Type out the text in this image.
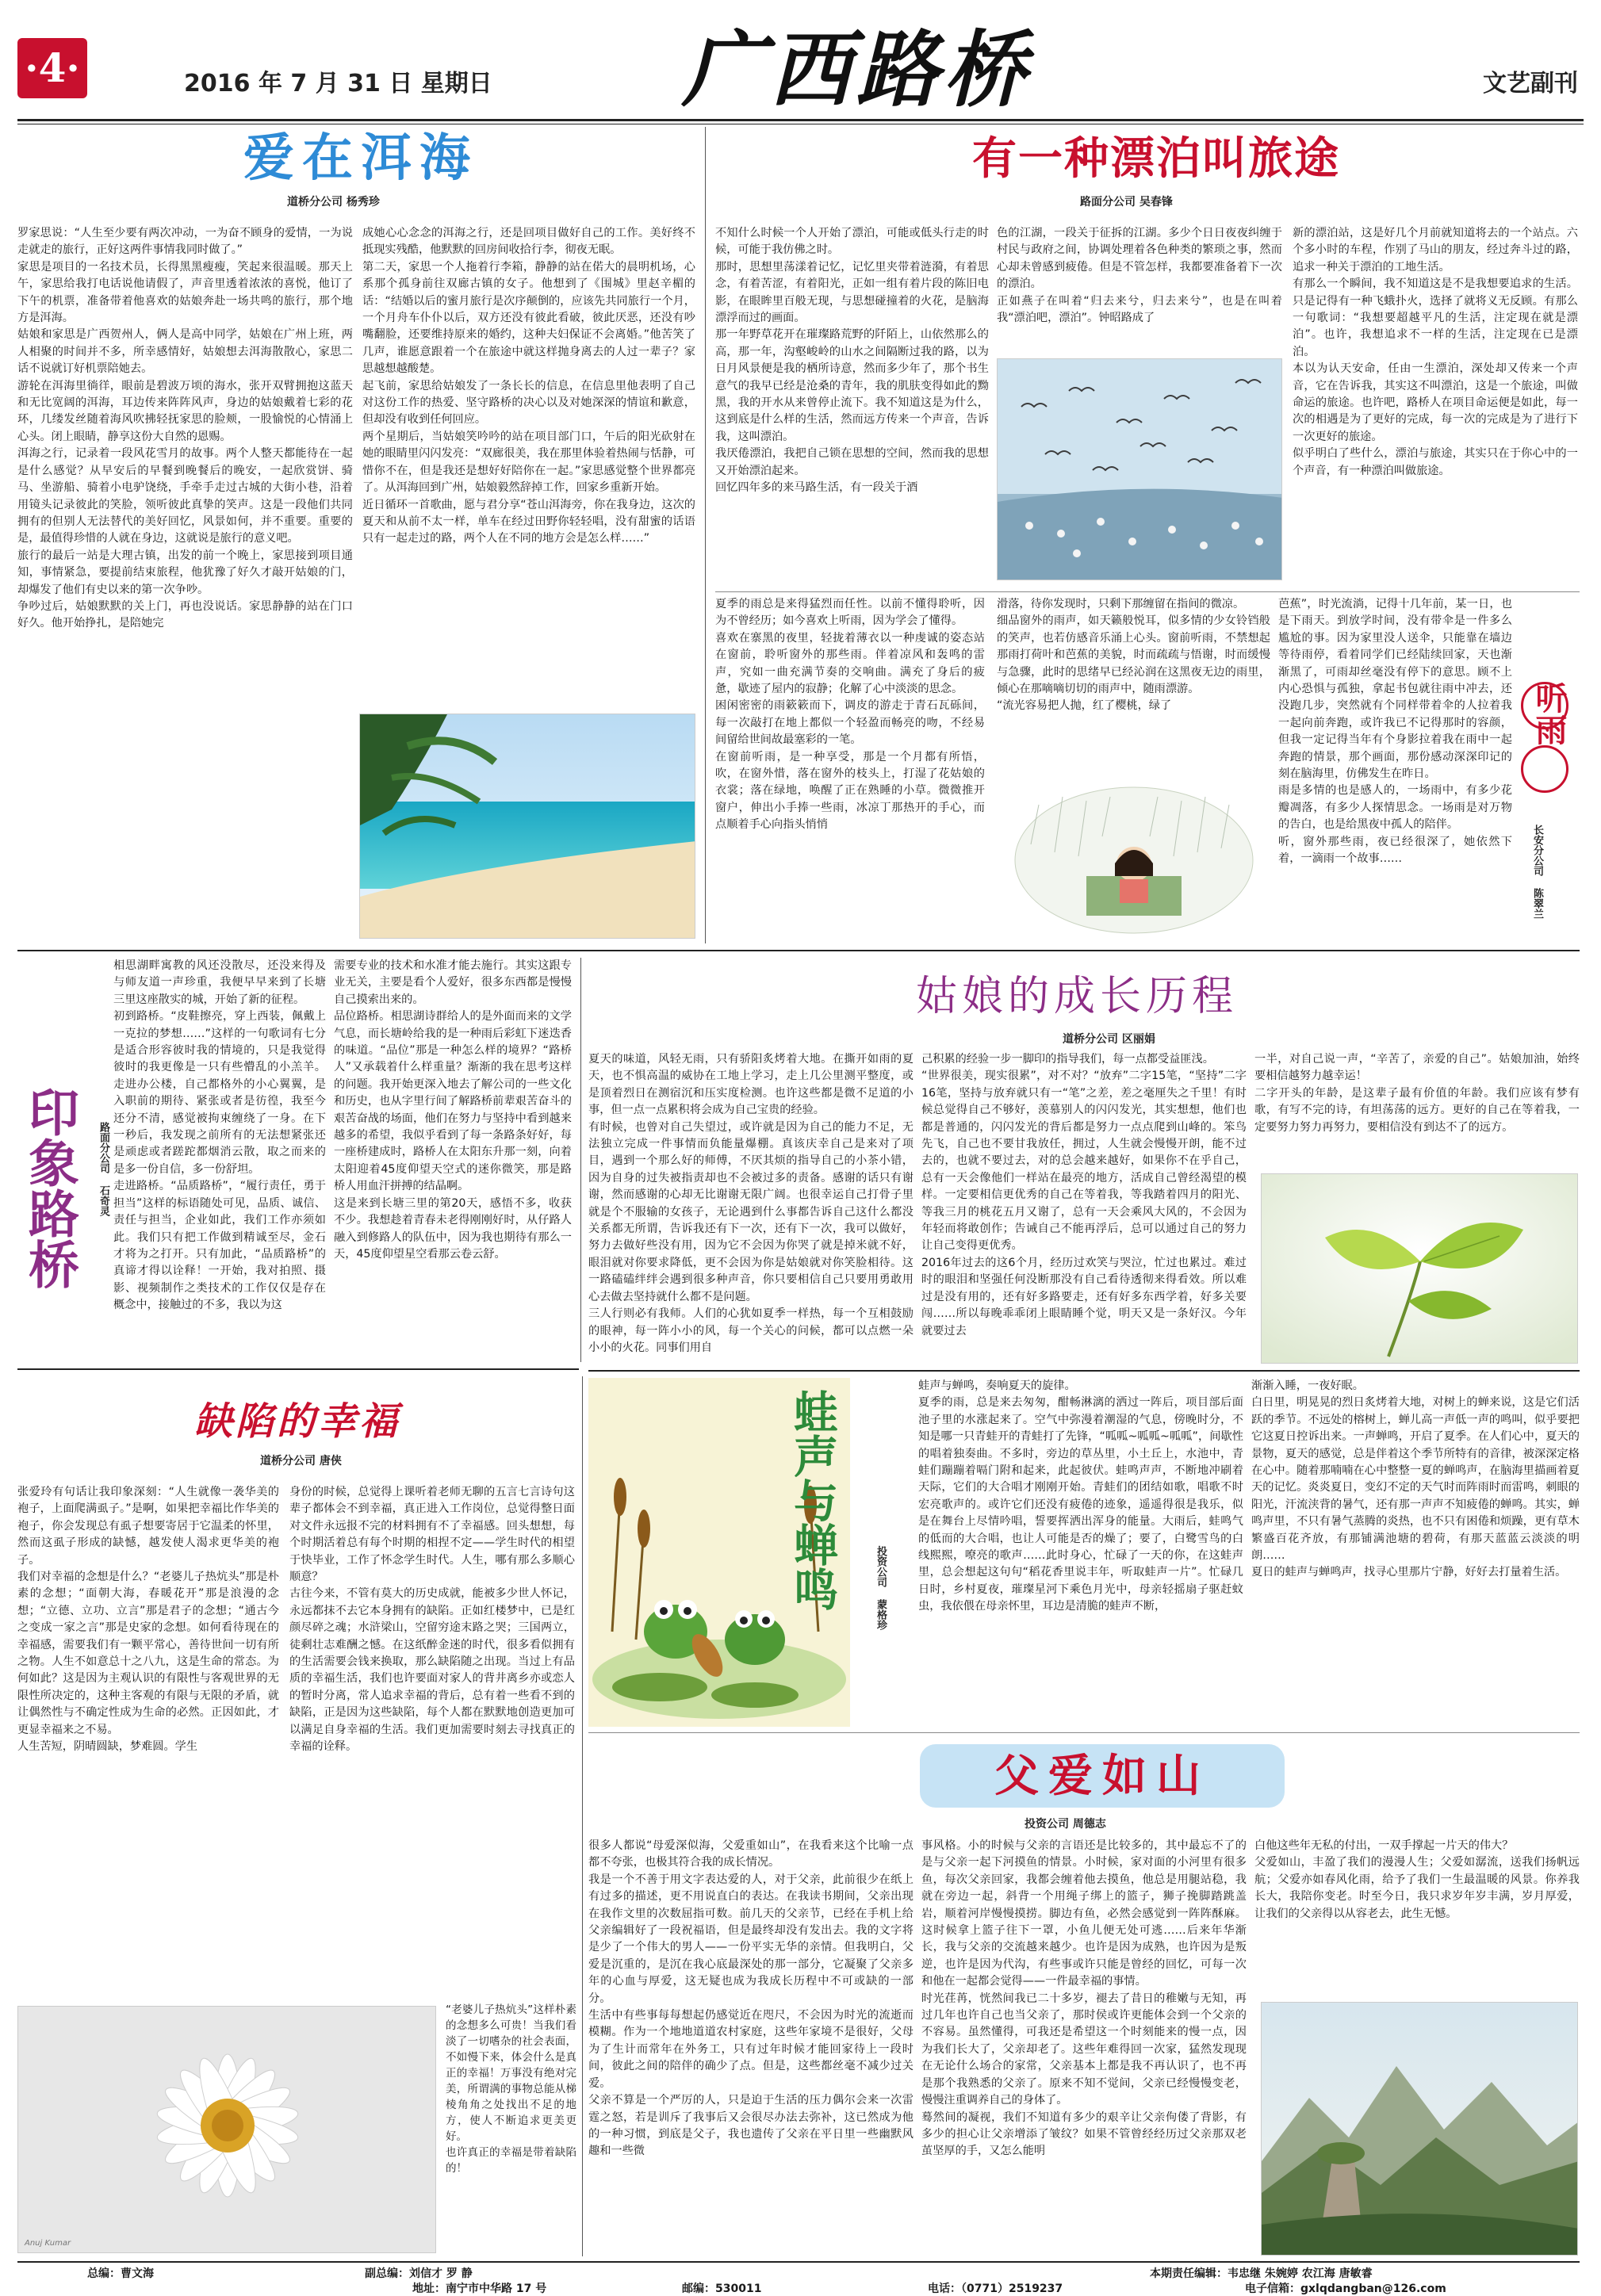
·4·	2016 年 7 月 31 日 星期日 广西路桥	文艺副刊
爱在洱海
道桥分公司 杨秀珍
罗家思说：“人生至少要有两次冲动，一为奋不顾身的爱情，一为说走就走的旅行，正好这两件事情我同时做了。”
家思是项目的一名技术员，长得黑黑瘦瘦，笑起来很温暖。那天上午，家思给我打电话说他请假了，声音里透着浓浓的喜悦，他订了下午的机票，准备带着他喜欢的姑娘奔赴一场共鸣的旅行，那个地方是洱海。
姑娘和家思是广西贺州人，俩人是高中同学，姑娘在广州上班，两人相聚的时间并不多，所幸感情好，姑娘想去洱海散散心，家思二话不说就订好机票陪她去。
游轮在洱海里徜徉，眼前是碧波万顷的海水，张开双臂拥抱这蓝天和无比宽阔的洱海，耳边传来阵阵风声，身边的姑娘戴着七彩的花环，几缕发丝随着海风吹拂轻抚家思的脸颊，一股愉悦的心情涌上心头。闭上眼睛，静享这份大自然的恩赐。
洱海之行，记录着一段风花雪月的故事。两个人整天都能待在一起是什么感觉？从早安后的早餐到晚餐后的晚安，一起欣赏饼、骑马、坐游船、骑着小电驴饶绕，手牵手走过古城的大街小巷，沿着用镜头记录彼此的笑脸，领听彼此真挚的笑声。这是一段他们共同拥有的但别人无法替代的美好回忆，风景如何，并不重要。重要的是，最值得珍惜的人就在身边，这就说是旅行的意义吧。
旅行的最后一站是大理古镇，出发的前一个晚上，家思接到项目通知，事情紧急，要提前结束旅程，他犹豫了好久才敲开姑娘的门，却爆发了他们有史以来的第一次争吵。
争吵过后，姑娘默默的关上门，再也没说话。家思静静的站在门口好久。他开始挣扎，是陪她完
成她心心念念的洱海之行，还是回项目做好自己的工作。美好终不抵现实残酷，他默默的回房间收拾行李，彻夜无眠。
第二天，家思一个人拖着行李箱，静静的站在偌大的晨明机场，心系那个孤身前往双廊古镇的女子。他想到了《围城》里赵辛楣的话：“结婚以后的蜜月旅行是次序颠倒的，应该先共同旅行一个月，一个月舟车仆仆以后，双方还没有彼此看破，彼此厌恶，还没有吵嘴翻脸，还要维持原来的婚约，这种夫妇保证不会离婚。”他苦笑了几声，谁愿意跟着一个在旅途中就这样抛身离去的人过一辈子？家思越想越酸楚。
起飞前，家思给姑娘发了一条长长的信息，在信息里他表明了自己对这份工作的热爱、坚守路桥的决心以及对她深深的情谊和歉意，但却没有收到任何回应。
两个星期后，当姑娘笑吟吟的站在项目部门口，午后的阳光砍射在她的眼睛里闪闪发亮：“双廊很美，我在那里体验着热闹与恬静，可惜你不在，但是我还是想好好陪你在一起。”家思感觉整个世界都亮了。从洱海回到广州，姑娘毅然辞掉工作，回家乡重新开始。
近日循环一首歌曲，愿与君分享“苍山洱海旁，你在我身边，这次的夏天和从前不太一样，单车在经过田野你轻轻唱，没有甜蜜的话语只有一起走过的路，两个人在不同的地方会是怎么样……”
有一种漂泊叫旅途
路面分公司 吴春锋
不知什么时候一个人开始了漂泊，可能或低头行走的时候，可能于我仿佛之时。
那时，思想里荡漾着记忆，记忆里夹带着涟漪，有着思念，有着苦涩，有着阳光，正如一组有着片段的陈旧电影，在眼眸里百般无现，与思想碰撞着的火花，是脑海漂浮而过的画面。
那一年野草花开在璀璨路荒野的阡陌上，山依然那么的高，那一年，沟壑峻岭的山水之间隔断过我的路，以为日月风景便是我的栖所诗意，然而多少年了，那个书生意气的我早已经是沧桑的青年，我的肌肤变得如此的黝黑，我的开水从来曾停止流下。我不知道这是为什么，这到底是什么样的生活，然而远方传来一个声音，告诉我，这叫漂泊。
我厌倦漂泊，我把自己锁在思想的空间，然而我的思想又开始漂泊起来。
回忆四年多的来马路生活，有一段关于酒
色的江湖，一段关于征拆的江湖。多少个日日夜夜纠缠于村民与政府之间，协调处理着各色种类的繁琐之事，然而心却未曾感到疲倦。但是不管怎样，我都要准备着下一次的漂泊。
正如燕子在叫着“归去来兮，归去来兮”，也是在叫着我“漂泊吧，漂泊”。钟昭路成了
新的漂泊站，这是好几个月前就知道将去的一个站点。六个多小时的车程，作别了马山的朋友，经过奔斗过的路，追求一种关于漂泊的工地生活。
有那么一个瞬间，我不知道这是不是我想要追求的生活。只是记得有一种飞蛾扑火，选择了就将义无反顾。有那么一句歌词：“我想要超越平凡的生活，注定现在就是漂泊”。也许，我想追求不一样的生活，注定现在已是漂泊。
本以为认天安命，任由一生漂泊，深处却又传来一个声音，它在告诉我，其实这不叫漂泊，这是一个旅途，叫做命运的旅途。也许吧，路桥人在项目命运便是如此，每一次的相遇是为了更好的完成，每一次的完成是为了进行下一次更好的旅途。
似乎明白了些什么，漂泊与旅途，其实只在于你心中的一个声音，有一种漂泊叫做旅途。
夏季的雨总是来得猛烈而任性。以前不懂得聆听，因为不曾经历；如今喜欢上听雨，因为学会了懂得。
喜欢在寨黑的夜里，轻拢着薄衣以一种虔诚的姿态站在窗前，聆听窗外的那些雨。伴着凉风和轰鸣的雷声，究如一曲充满节奏的交响曲。满充了身后的疲惫，歇迹了屋内的寂静；化解了心中淡淡的思念。
困闲密密的雨簌簌而下，调皮的游走于青石瓦砾间，每一次敲打在地上都似一个轻盈而畅亮的吻，不经易间留给世间故最塞彩的一笔。
在窗前听雨，是一种享受，那是一个月都有所悟，吹，在窗外惜，落在窗外的枝头上，打湿了花姑娘的衣裳；落在绿地，唤醒了正在熟睡的小草。微微推开窗户，伸出小手捧一些雨，冰凉丁那热开的手心，而点顺着手心向指头悄悄
滑落，待你发现时，只剩下那缠留在指间的微凉。
细品窗外的雨声，如天籁般悦耳，似多情的少女铃铛般的笑声，也若仿感音乐涌上心头。窗前听雨，不禁想起那雨打荷叶和芭蕉的美貌，时而疏疏与悟谢，时而缓慢与急骤，此时的思绪早已经沁润在这黑夜无边的雨里，倾心在那嘀嘀切切的雨声中，随雨漂游。
“流光容易把人抛，红了樱桃，绿了
芭蕉”，时光流淌，记得十几年前，某一日，也是下雨天。到放学时间，没有带伞是一件多么尴尬的事。因为家里没人送伞，只能靠在墙边等待雨停，看着同学们已经陆续回家，天也渐渐黑了，可雨却丝毫没有停下的意思。顾不上内心恐惧与孤独，拿起书包就往雨中冲去，还没跑几步，突然就有个同样带着伞的人拉着我一起向前奔跑，或许我已不记得那时的容颜，但我一定记得当年有个身影拉着我在雨中一起奔跑的情景，那个画面，那份感动深深印记的刻在脑海里，仿佛发生在昨日。
雨是多情的也是感人的，一场雨中，有多少花瓣凋落，有多少人探情思念。一场雨是对万物的告白，也是给黑夜中孤人的陪伴。
听，窗外那些雨，夜已经很深了，她依然下着，一滴雨一个故事……
听雨
长安分公司 陈翠兰
印象路桥	路面分公司 石奇灵
相思湖畔寓教的风还没散尽，还没来得及与师友道一声珍重，我便早早来到了长塘三里这座散实的城，开始了新的征程。
初到路桥。“皮鞋擦亮，穿上西装，佩戴上一克拉的梦想……”这样的一句歌词有七分是适合形容彼时我的情境的，只是我觉得彼时的我更像是一只有些懵乱的小羔羊。走进办公楼，自己都格外的小心翼翼，是入职前的期待、紧张或者是彷徨，我至今还分不清，感觉被拘束缠绕了一身。在下一秒后，我发现之前所有的无法想紧张还是顽虑或者蹉跎都烟消云散，取之而来的是多一份自信，多一份舒坦。
走进路桥。“品质路桥”，“履行责任，勇于担当”这样的标语随处可见，品质、诚信、责任与担当，企业如此，我们工作亦须如此。我们只有把工作做到精诚至尽，金石才将为之打开。只有加此，“品质路桥”的真谛才得以诠释！一开始，我对拍照、摄影、视频制作之类技术的工作仅仅是存在概念中，接触过的不多，我以为这
需要专业的技术和水准才能去施行。其实这跟专业无关，主要是看个人爱好，很多东西都是慢慢自己摸索出来的。
品位路桥。相思湖诗群给人的是外面而来的文学气息，而长塘岭给我的是一种雨后彩虹下迷迭香的味道。“品位”那是一种怎么样的境界？“路桥人”又承载着什么样重量？渐渐的我在思考这样的问题。我开始更深入地去了解公司的一些文化和历史，也从字里行间了解路桥前辈艰苦奋斗的艰苦奋战的场面，他们在努力与坚持中看到越来越多的希望，我似乎看到了每一条路条好好，每一座桥建成时，路桥人在太阳东升那一刻，向着太阳迎着45度仰望天空式的迷你微笑，那是路桥人用血汗拼搏的结晶啊。
这是来到长塘三里的第20天，感悟不多，收获不少。我想趁着青春未老得刚刚好时，从仔路人融入到修路人的队伍中，因为我也期待有那么一天，45度仰望星空看那云卷云舒。
姑娘的成长历程
道桥分公司 区丽娟
夏天的味道，风轻无雨，只有骄阳炙烤着大地。在撕开如雨的夏天，也不惧高温的威协在工地上学习，走上几公里测平整度，或是顶着烈日在测宿沉和压实度检测。也许这些都是微不足道的小事，但一点一点累积将会成为自己宝贵的经验。
有时候，也曾对自己失望过，或许就是因为自己的能力不足，无法独立完成一件事情而负能量爆棚。真该庆幸自己是来对了项目，遇到一个那么好的师傅，不厌其烦的指导自己的小茶小错，因为自身的过失被指责却也不会被过多的责备。感谢的话只有谢谢，然而感谢的心却无比谢谢无限广阔。也很幸运自己打骨子里就是个不服输的女孩子，无论遇到什么事都告诉自己这什么都没关系都无所谓，告诉我还有下一次，还有下一次，我可以做好，努力去做好些没有用，因为它不会因为你哭了就是掉米就不好，眼泪就对你要求降低，更不会因为你是姑娘就对你笑脸相待。这一路磕磕绊绊会遇到很多种声音，你只要相信自己只要用勇敢用心去做去坚持就什么都不是问题。
三人行则必有我师。人们的心犹如夏季一样热，每一个互相鼓励的眼神，每一阵小小的风，每一个关心的问候，都可以点燃一朵小小的火花。同事们用自
己积累的经验一步一脚印的指导我们，每一点都受益匪浅。
“世界很美，现实很累”，对不对？“放弃”二字15笔，“坚持”二字16笔，坚持与放弃就只有一“笔”之差，差之毫厘失之千里！有时候总觉得自己不够好，羡慕别人的闪闪发光，其实想想，他们也都是普通的，闪闪发光的背后都是努力一点点爬到山峰的。笨鸟先飞，自己也不要甘我放任，拥过，人生就会慢慢开朗，能不过去的，也就不要过去，对的总会越来越好，如果你不在乎自己，总有一天会像他们一样站在最亮的地方，活成自己曾经渴望的模样。一定要相信更优秀的自己在等着我，等我踏着四月的阳光、等我三月的桃花五月又谢了，总有一天会乘风大风的，不会因为年轻而将敢创作；告诫自己不能再浮后，总可以通过自己的努力让自己变得更优秀。
2016年过去的这6个月，经历过欢笑与哭泣，忙过也累过。难过时的眼泪和坚强任何没断那没有自己看待透彻来得看效。所以难过是没有用的，还有好多路要走，还有好多东西学着，好多关要闯……所以每晚乖乖闭上眼睛睡个觉，明天又是一条好汉。今年就要过去
一半，对自己说一声，“辛苦了，亲爱的自己”。姑娘加油，始终要相信越努力越幸运！
二字开头的年龄，是这辈子最有价值的年龄。我们应该有梦有歌，有写不完的诗，有坦荡荡的远方。更好的自己在等着我，一定要努力努力再努力，要相信没有到达不了的远方。
缺陷的幸福
道桥分公司 唐侠
张爱玲有句话让我印象深刻：“人生就像一袭华美的袍子，上面爬满虱子。”是啊，如果把幸福比作华美的袍子，你会发现总有虱子想要寄居于它温柔的怀里，然而这虱子形成的缺憾，越发使人渴求更华美的袍子。
我们对幸福的念想是什么？“老婆儿子热炕头”那是朴素的念想；“面朝大海，春暖花开”那是浪漫的念想；“立德、立功、立言”那是君子的念想；“通古今之变成一家之言”那是史家的念想。如何看待现在的幸福感，需要我们有一颗平常心，善待世间一切有所之物。人生不如意总十之八九，这是生命的常态。为何如此？这是因为主观认识的有限性与客观世界的无限性所决定的，这种主客观的有限与无限的矛盾，就让偶然性与不确定性成为生命的必然。正因如此，才更显幸福来之不易。
人生苦短，阴晴圆缺，梦难圆。学生
身份的时候，总觉得上课听着老师无聊的五言七言诗句这辈子都体会不到幸福，真正进入工作岗位，总觉得整日面对文件永远报不完的材料拥有不了幸福感。回头想想，每个时期活着总有每个时期的相捏不定——学生时代的相望于快毕业，工作了怀念学生时代。人生，哪有那么多顺心顺意？
古往今来，不管有莫大的历史成就，能被多少世人怀记，永远都抹不去它本身拥有的缺陷。正如红楼梦中，已是红颜尽碎之魂；水浒梁山，空留穷途末路之哭；三国两立，徒剩壮志难酬之憾。在这纸醉金迷的时代，很多看似拥有的生活需要会钱来换取，那么缺陷随之出现。当过上有品质的幸福生活，我们也许要面对家人的背井离乡亦或恋人的暂时分离，常人追求幸福的背后，总有着一些看不到的缺陷，正是因为这些缺陷，每个人都在默默地创造更加可以满足自身幸福的生活。我们更加需要时刻去寻找真正的幸福的诠释。
Anuj Kumar
“老婆儿子热炕头”这样朴素的念想多么可贵！当我们看淡了一切嗜杂的社会表面，不如慢下来，体会什么是真正的幸福！万事没有绝对完美，所谓满的事物总能从梯棱角角之处找出不足的地方，使人不断追求更美更好。
也许真正的幸福是带着缺陷的！
蛙声与蝉鸣	投资公司 蒙格珍
蛙声与蝉鸣，奏响夏天的旋律。
夏季的雨，总是来去匆匆，酣畅淋漓的洒过一阵后，项目部后面池子里的水涨起来了。空气中弥漫着潮湿的气息，傍晚时分，不知是哪一只青蛙开的青蛙打了先锋，“呱呱~呱呱~呱呱”，间歇性的唱着独奏曲。不多时，旁边的草丛里，小土丘上，水池中，青蛙们蹦蹦着嗝门附和起来，此起彼伏。蛙鸣声声，不断地冲刷着天际，它们的大合唱才刚刚开始。青蛙们的团结如歌，唱歌不时宏亮歌声的。或许它们还没有疲倦的迹象，遥遥得很是我乐，似是在舞台上尽情吟唱，誓要挥洒出浑身的能量。大雨后，蛙鸣气的低而的大合唱，也让人可能是否的燥了；要了，白鹭雪鸟的白线熙熙，嘹亮的歌声……此时身心，忙碌了一天的你，在这蛙声里，总会想起这句句“稻花香里说丰年，听取蛙声一片”。忙碌几日时，乡村夏夜，璀璨星河下乘色月光中，母亲轻摇扇子驱赶蚊虫，我依偎在母亲怀里，耳边是清脆的蛙声不断，
渐渐入睡，一夜好眠。
白日里，明晃晃的烈日炙烤着大地，对树上的蝉来说，这是它们活跃的季节。不远处的榕树上，蝉儿高一声低一声的鸣叫，似乎要把它这夏日控诉出来。一声蝉鸣，开启了夏季。在人们心中，夏天的景物，夏天的感觉，总是伴着这个季节所特有的音律，被深深定格在心中。随着那喃喃在心中整整一夏的蝉鸣声，在脑海里描画着夏天的记忆。炎炎夏日，变幻不定的天气时而阵雨时而雷鸣，刺眼的阳光，汗流浃背的暑气，还有那一声声不知疲倦的蝉鸣。其实，蝉鸣声里，不只有暑气蒸腾的炎热，也不只有困倦和烦躁，更有草木繁盛百花齐放，有那铺满池塘的碧荷，有那天蓝蓝云淡淡的明朗……
夏日的蛙声与蝉鸣声，找寻心里那片宁静，好好去打量着生活。
父爱如山
投资公司 周德志
很多人都说“母爱深似海，父爱重如山”，在我看来这个比喻一点都不夸张，也极其符合我的成长情况。
我是一个不善于用文字表达爱的人，对于父亲，此前很少在纸上有过多的描述，更不用说直白的表达。在我读书期间，父亲出现在我作文里的次数屈指可数。前几天的父亲节，已经在手机上给父亲编辑好了一段祝福语，但是最终却没有发出去。我的文字将是少了一个伟大的男人——一份平实无华的亲情。但我明白，父爱是沉重的，是沉在我心底最深处的那一部分，它凝聚了父亲多年的心血与厚爱，这无疑也成为我成长历程中不可或缺的一部分。
生活中有些事每每想起仍感觉近在咫尺，不会因为时光的流逝而模糊。作为一个地地道道农村家庭，这些年家境不是很好，父母为了生计而常年在外务工，只有过年时候才能回家待上一段时间，彼此之间的陪伴的确少了点。但是，这些都丝毫不减少过关爱。
父亲不算是一个严厉的人，只是迫于生活的压力偶尔会来一次雷霆之怒，若是训斥了我事后又会很尽办法去弥补，这已然成为他的一种习惯，到底是父子，我也遗传了父亲在平日里一些幽默风趣和一些微
事风格。小的时候与父亲的言语还是比较多的，其中最忘不了的是与父亲一起下河摸鱼的情景。小时候，家对面的小河里有很多鱼，每次父亲回家，我都会缠着他去摸鱼，他总是用腿站稳，我就在旁边一起，斜背一个用绳子绑上的篮子，狮子挽脚踏跳盖岩，顺着河岸慢慢摸捞。脚边有鱼，必然会感觉到一阵阵酥麻。这时候拿上篮子往下一罩，小鱼儿便无处可逃……后来年华渐长，我与父亲的交流越来越少。也许是因为成熟，也许因为是叛逆，也许是因为代沟，有些事或许只能是曾经的回忆，可每一次和他在一起都会觉得——一件最幸福的事情。
时光荏苒，恍然间我已二十多岁，褪去了昔日的稚嫩与无知，再过几年也许自己也当父亲了，那时侯或许更能体会到一个父亲的不容易。虽然懂得，可我还是希望这一个时刻能来的慢一点，因为我们长大了，父亲却老了。这些年难得回一次家，猛然发现现在无论什么场合的家常，父亲基本上都是我不再认识了，也不再是那个我熟悉的父亲了。原来不知不觉间，父亲已经慢慢变老，慢慢注重调养自己的身体了。
蓦然间的凝视，我们不知道有多少的艰辛让父亲佝偻了背影，有多少的担心让父亲增添了皱纹？如果不管曾经经历过父亲那双老茧坚厚的手，又怎么能明
白他这些年无私的付出，一双手撑起一片天的伟大？
父爱如山，丰盈了我们的漫漫人生；父爱如潺流，送我们扬帆远航；父爱亦如春风化雨，给予了我们一生最温暖的风景。你养我长大，我陪你变老。时至今日，我只求岁年岁丰满，岁月厚爱，让我们的父亲得以从容老去，此生无憾。
总编：曹文海	副总编：刘信才 罗 静	本期责任编辑：韦忠继 朱婉婷 农江海 唐敏睿
地址：南宁市中华路 17 号	邮编：530011	电话：（0771）2519237	电子信箱：gxlqdangban@126.com
